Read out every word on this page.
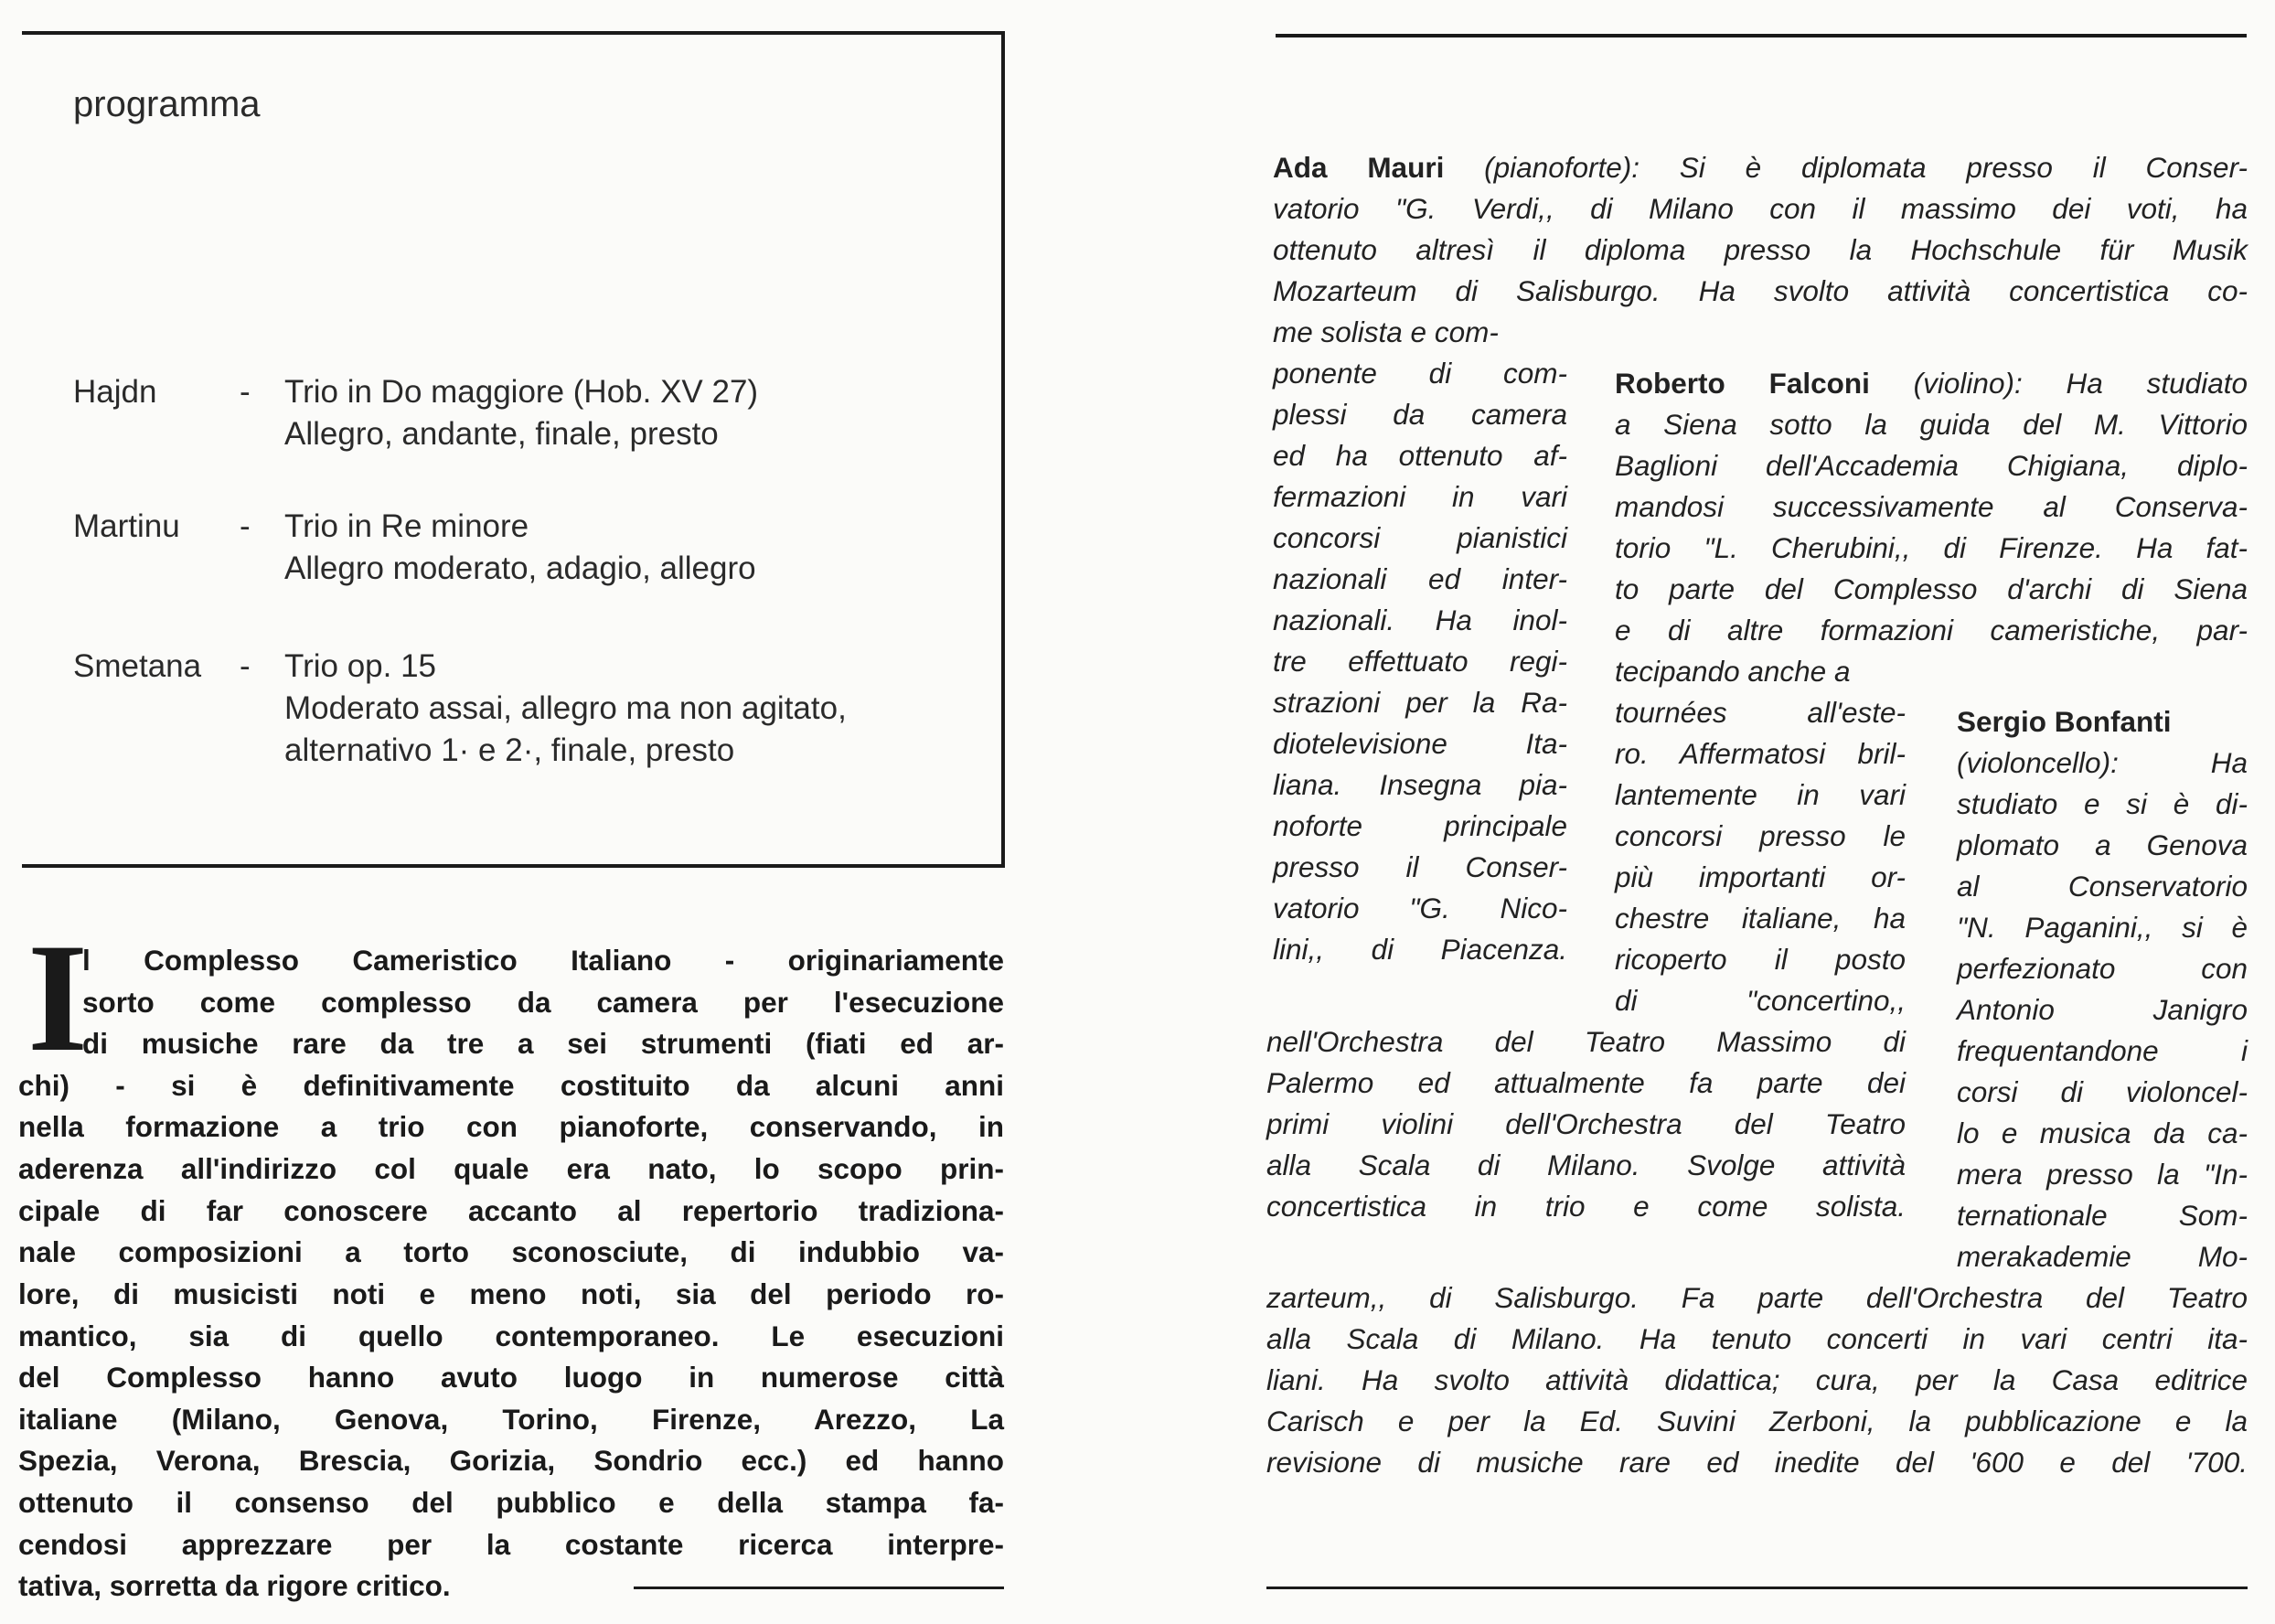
programma
Hajdn	- Trio in Do maggiore (Hob. XV 27)
Allegro, andante, finale, presto
Martinu - Trio in Re minore
Allegro moderato, adagio, allegro
Smetana - Trio op. 15
Moderato assai, allegro ma non agitato,
alternativo 1· e 2·, finale, presto
I
l Complesso Cameristico Italiano - originariamente
sorto come complesso da camera per l'esecuzione
di musiche rare da tre a sei strumenti (fiati ed ar-
chi) - si è definitivamente costituito da alcuni anni
nella formazione a trio con pianoforte, conservando, in
aderenza all'indirizzo col quale era nato, lo scopo prin-
cipale di far conoscere accanto al repertorio tradiziona-
nale composizioni a torto sconosciute, di indubbio va-
lore, di musicisti noti e meno noti, sia del periodo ro-
mantico, sia di quello contemporaneo. Le esecuzioni
del Complesso hanno avuto luogo in numerose città
italiane (Milano, Genova, Torino, Firenze, Arezzo, La
Spezia, Verona, Brescia, Gorizia, Sondrio ecc.) ed hanno
ottenuto il consenso del pubblico e della stampa fa-
cendosi apprezzare per la costante ricerca interpre-
tativa, sorretta da rigore critico.
Ada Mauri (pianoforte): Si è diplomata presso il Conser-
vatorio "G. Verdi,, di Milano con il massimo dei voti, ha
ottenuto altresì il diploma presso la Hochschule für Musik
Mozarteum di Salisburgo. Ha svolto attività concertistica co-
me solista e com-
ponente di com-
plessi da camera
ed ha ottenuto af-
fermazioni in vari
concorsi pianistici
nazionali ed inter-
nazionali. Ha inol-
tre effettuato regi-
strazioni per la Ra-
diotelevisione Ita-
liana. Insegna pia-
noforte principale
presso il Conser-
vatorio "G. Nico-
lini,, di Piacenza.
Roberto Falconi (violino): Ha studiato
a Siena sotto la guida del M. Vittorio
Baglioni dell'Accademia Chigiana, diplo-
mandosi successivamente al Conserva-
torio "L. Cherubini,, di Firenze. Ha fat-
to parte del Complesso d'archi di Siena
e di altre formazioni cameristiche, par-
tecipando anche a
tournées all'este-
ro. Affermatosi bril-
lantemente in vari
concorsi presso le
più importanti or-
chestre italiane, ha
ricoperto il posto
di "concertino,,
nell'Orchestra del Teatro Massimo di
Palermo ed attualmente fa parte dei
primi violini dell'Orchestra del Teatro
alla Scala di Milano. Svolge attività
concertistica in trio e come solista.
Sergio Bonfanti
(violoncello): Ha
studiato e si è di-
plomato a Genova
al Conservatorio
"N. Paganini,, si è
perfezionato con
Antonio Janigro
frequentandone i
corsi di violoncel-
lo e musica da ca-
mera presso la "In-
ternationale Som-
merakademie Mo-
zarteum,, di Salisburgo. Fa parte dell'Orchestra del Teatro
alla Scala di Milano. Ha tenuto concerti in vari centri ita-
liani. Ha svolto attività didattica; cura, per la Casa editrice
Carisch e per la Ed. Suvini Zerboni, la pubblicazione e la
revisione di musiche rare ed inedite del '600 e del '700.
